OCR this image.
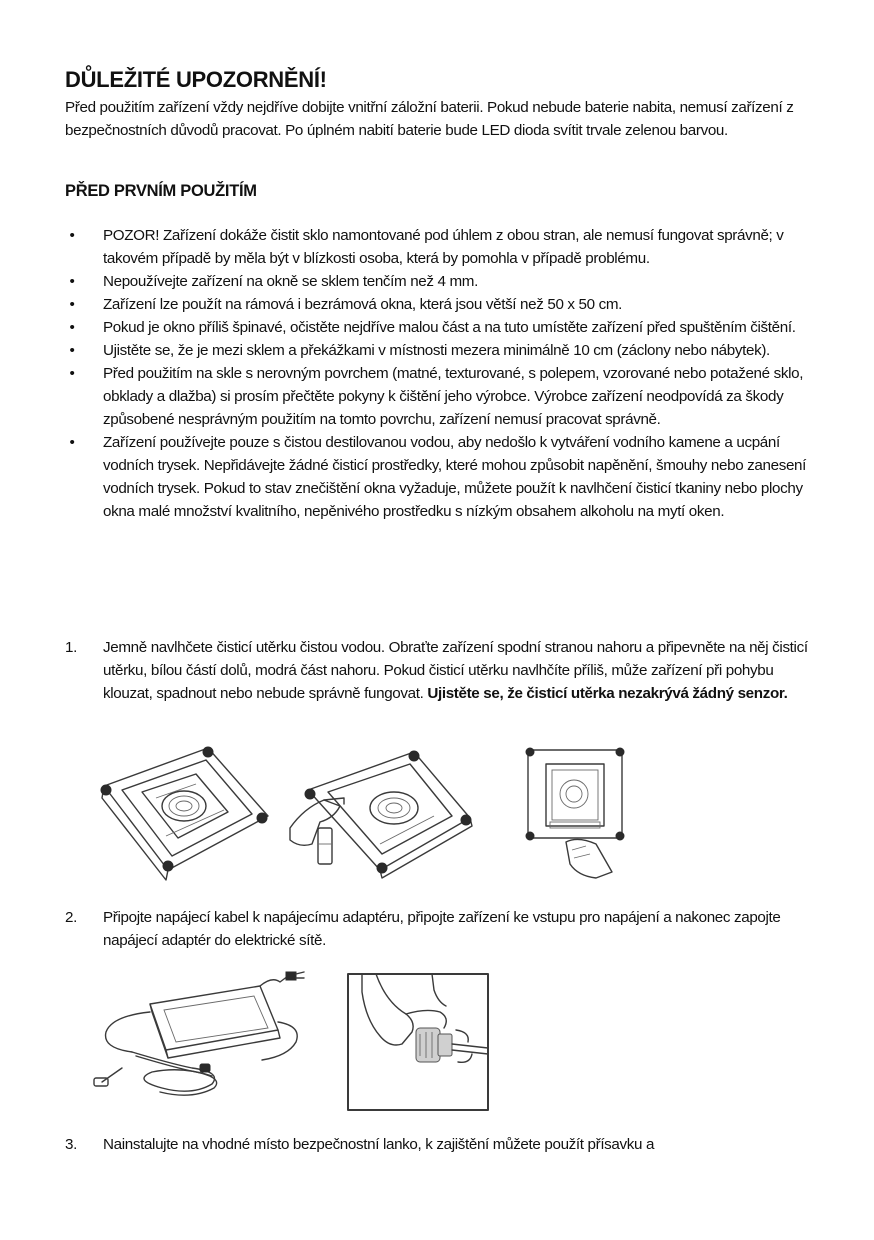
DŮLEŽITÉ UPOZORNĚNÍ!
Před použitím zařízení vždy nejdříve dobijte vnitřní záložní baterii. Pokud nebude baterie nabita, nemusí zařízení z bezpečnostních důvodů pracovat. Po úplném nabití baterie bude LED dioda svítit trvale zelenou barvou.
PŘED PRVNÍM POUŽITÍM
• POZOR! Zařízení dokáže čistit sklo namontované pod úhlem z obou stran, ale nemusí fungovat správně; v takovém případě by měla být v blízkosti osoba, která by pomohla v případě problému.
• Nepoužívejte zařízení na okně se sklem tenčím než 4 mm.
• Zařízení lze použít na rámová i bezrámová okna, která jsou větší než 50 x 50 cm.
• Pokud je okno příliš špinavé, očistěte nejdříve malou část a na tuto umístěte zařízení před spuštěním čištění.
• Ujistěte se, že je mezi sklem a překážkami v místnosti mezera minimálně 10 cm (záclony nebo nábytek).
• Před použitím na skle s nerovným povrchem (matné, texturované, s polepem, vzorované nebo potažené sklo, obklady a dlažba) si prosím přečtěte pokyny k čištění jeho výrobce. Výrobce zařízení neodpovídá za škody způsobené nesprávným použitím na tomto povrchu, zařízení nemusí pracovat správně.
• Zařízení používejte pouze s čistou destilovanou vodou, aby nedošlo k vytváření vodního kamene a ucpání vodních trysek. Nepřidávejte žádné čisticí prostředky, které mohou způsobit napěnění, šmouhy nebo zanesení vodních trysek. Pokud to stav znečištění okna vyžaduje, můžete použít k navlhčení čisticí tkaniny nebo plochy okna malé množství kvalitního, nepěnivého prostředku s nízkým obsahem alkoholu na mytí oken.
1. Jemně navlhčete čisticí utěrku čistou vodou. Obraťte zařízení spodní stranou nahoru a připevněte na něj čisticí utěrku, bílou částí dolů, modrá část nahoru. Pokud čisticí utěrku navlhčíte příliš, může zařízení při pohybu klouzat, spadnout nebo nebude správně fungovat. Ujistěte se, že čisticí utěrka nezakrývá žádný senzor.
2. Připojte napájecí kabel k napájecímu adaptéru, připojte zařízení ke vstupu pro napájení a nakonec zapojte napájecí adaptér do elektrické sítě.
3. Nainstalujte na vhodné místo bezpečnostní lanko, k zajištění můžete použít přísavku a
